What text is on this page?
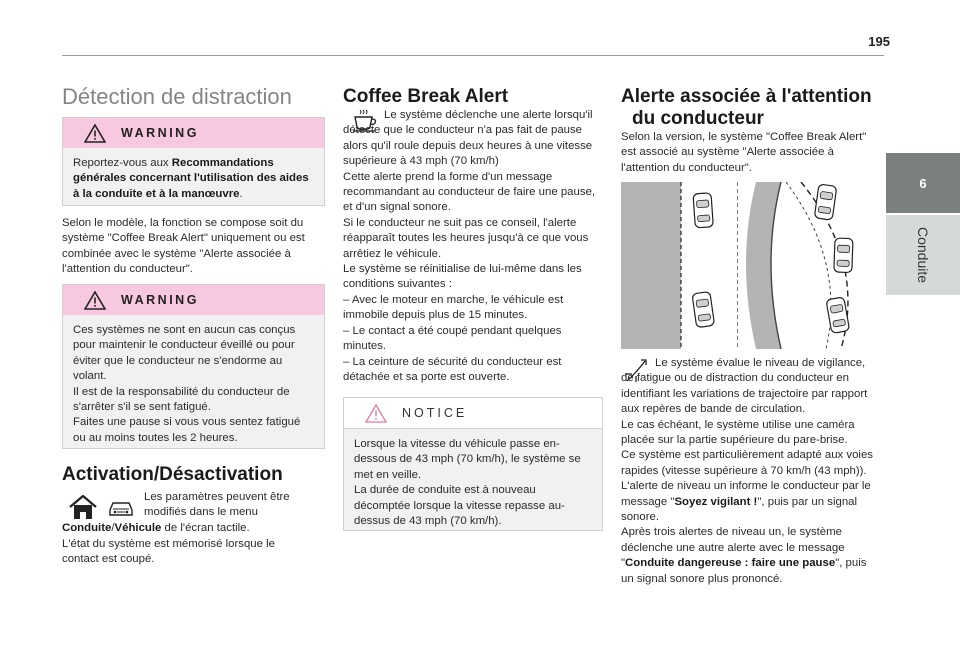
195
6
Conduite
Détection de distraction
WARNING

Reportez-vous aux Recommandations générales concernant l'utilisation des aides à la conduite et à la manœuvre.

Selon le modèle, la fonction se compose soit du système "Coffee Break Alert" uniquement ou est combinée avec le système "Alerte associée à l'attention du conducteur".

WARNING

Ces systèmes ne sont en aucun cas conçus pour maintenir le conducteur éveillé ou pour éviter que le conducteur ne s'endorme au volant.

Il est de la responsabilité du conducteur de s'arrêter s'il se sent fatigué.

Faites une pause si vous vous sentez fatigué ou au moins toutes les 2 heures.

Activation/Désactivation

Les paramètres peuvent être modifiés dans le menu

Conduite/Véhicule de l'écran tactile.

L'état du système est mémorisé lorsque le contact est coupé.

Coffee Break Alert

Le système déclenche une alerte lorsqu'il détecte que le conducteur n'a pas fait de pause alors qu'il roule depuis deux heures à une vitesse supérieure à 43 mph (70 km/h)

Cette alerte prend la forme d'un message recommandant au conducteur de faire une pause, et d'un signal sonore.

Si le conducteur ne suit pas ce conseil, l'alerte réapparaît toutes les heures jusqu'à ce que vous arrêtiez le véhicule.

Le système se réinitialise de lui-même dans les conditions suivantes :

– Avec le moteur en marche, le véhicule est immobile depuis plus de 15 minutes.

– Le contact a été coupé pendant quelques minutes.

– La ceinture de sécurité du conducteur est détachée et sa porte est ouverte.

NOTICE

Lorsque la vitesse du véhicule passe en-dessous de 43 mph (70 km/h), le système se met en veille.

La durée de conduite est à nouveau décomptée lorsque la vitesse repasse au-dessus de 43 mph (70 km/h).

Alerte associée à l'attention
du conducteur

Selon la version, le système "Coffee Break Alert" est associé au système "Alerte associée à l'attention du conducteur".

Le système évalue le niveau de vigilance, de fatigue ou de distraction du conducteur en identifiant les variations de trajectoire par rapport aux repères de bande de circulation.

Le cas échéant, le système utilise une caméra placée sur la partie supérieure du pare-brise.

Ce système est particulièrement adapté aux voies rapides (vitesse supérieure à 70 km/h (43 mph)).

L'alerte de niveau un informe le conducteur par le message "Soyez vigilant !", puis par un signal sonore.

Après trois alertes de niveau un, le système déclenche une autre alerte avec le message "Conduite dangereuse : faire une pause", puis un signal sonore plus prononcé.
